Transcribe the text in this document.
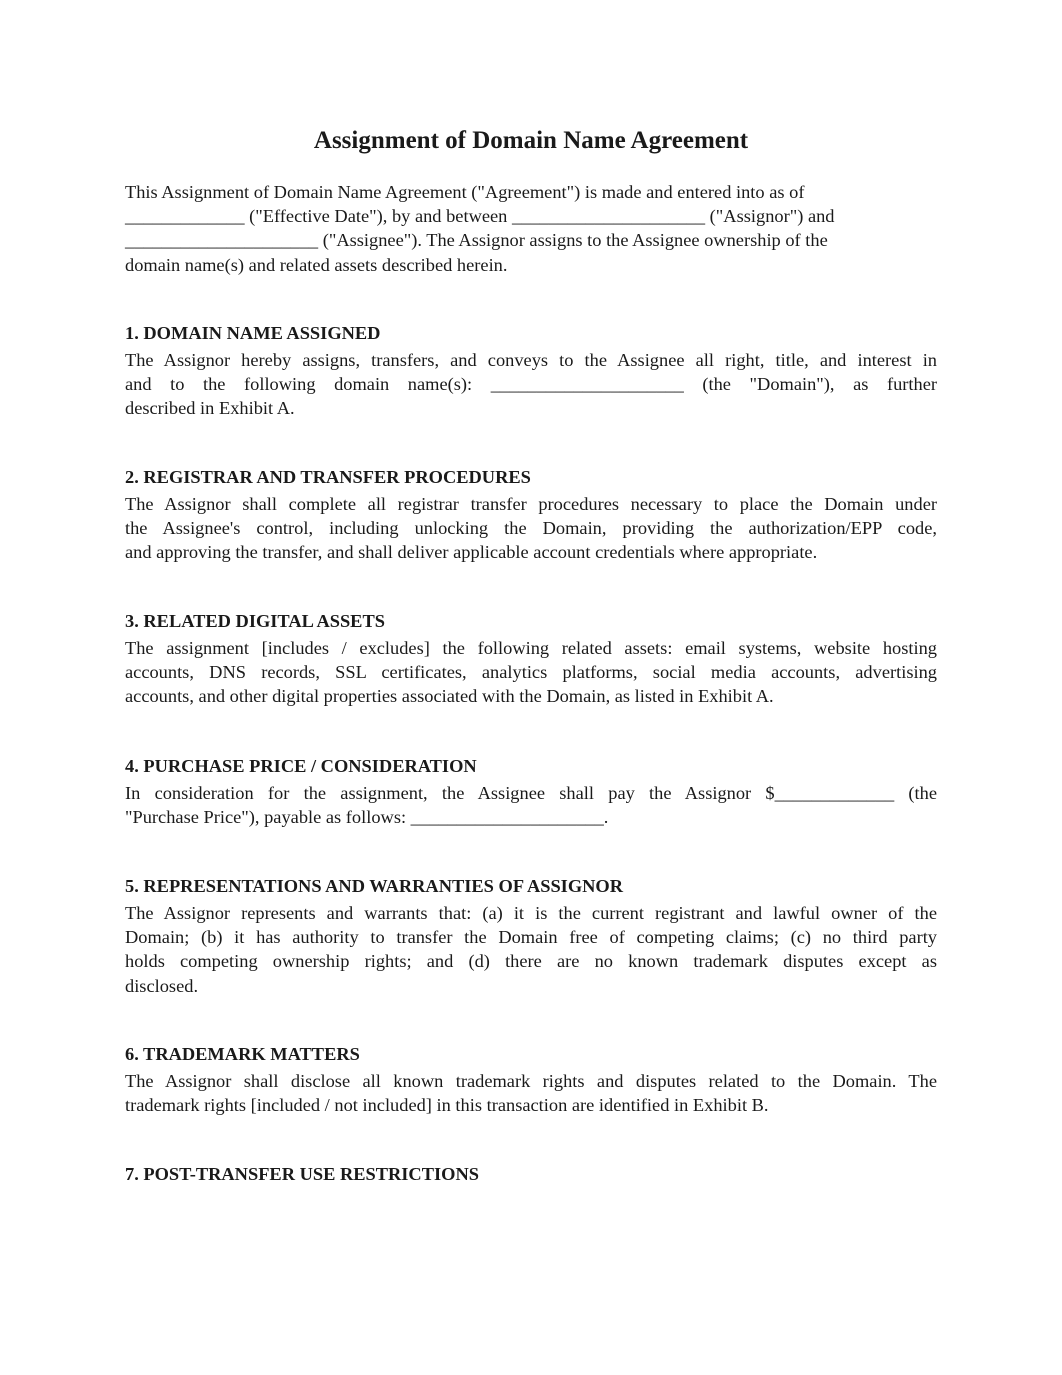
Assignment of Domain Name Agreement

This Assignment of Domain Name Agreement ("Agreement") is made and entered into as of
_____________ ("Effective Date"), by and between _____________________ ("Assignor") and
_____________________ ("Assignee"). The Assignor assigns to the Assignee ownership of the
domain name(s) and related assets described herein.

1. DOMAIN NAME ASSIGNED

The Assignor hereby assigns, transfers, and conveys to the Assignee all right, title, and interest in
and to the following domain name(s): _____________________ (the "Domain"), as further
described in Exhibit A.

2. REGISTRAR AND TRANSFER PROCEDURES

The Assignor shall complete all registrar transfer procedures necessary to place the Domain under
the Assignee's control, including unlocking the Domain, providing the authorization/EPP code,
and approving the transfer, and shall deliver applicable account credentials where appropriate.

3. RELATED DIGITAL ASSETS

The assignment [includes / excludes] the following related assets: email systems, website hosting
accounts, DNS records, SSL certificates, analytics platforms, social media accounts, advertising
accounts, and other digital properties associated with the Domain, as listed in Exhibit A.

4. PURCHASE PRICE / CONSIDERATION

In consideration for the assignment, the Assignee shall pay the Assignor $_____________ (the
"Purchase Price"), payable as follows: _____________________.

5. REPRESENTATIONS AND WARRANTIES OF ASSIGNOR

The Assignor represents and warrants that: (a) it is the current registrant and lawful owner of the
Domain; (b) it has authority to transfer the Domain free of competing claims; (c) no third party
holds competing ownership rights; and (d) there are no known trademark disputes except as
disclosed.

6. TRADEMARK MATTERS

The Assignor shall disclose all known trademark rights and disputes related to the Domain. The
trademark rights [included / not included] in this transaction are identified in Exhibit B.

7. POST-TRANSFER USE RESTRICTIONS
